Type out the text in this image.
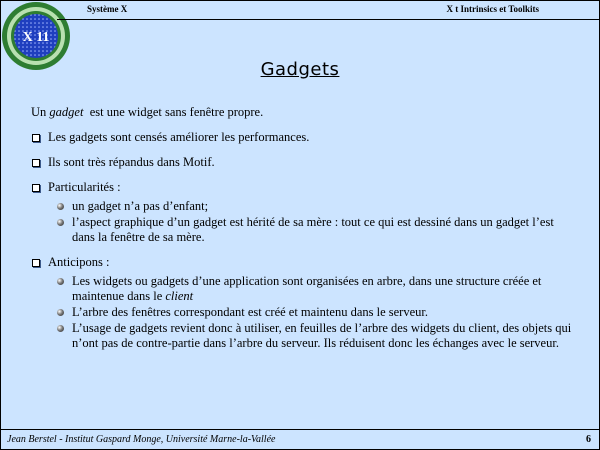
X 11
Système X	X t Intrinsics et Toolkits
Gadgets

Un gadget  est une widget sans fenêtre propre.

Les gadgets sont censés améliorer les performances.
Ils sont très répandus dans Motif.
Particularités :
un gadget n’a pas d’enfant;
l’aspect graphique d’un gadget est hérité de sa mère : tout ce qui est dessiné dans un gadget l’est dans la fenêtre de sa mère.
Anticipons :
Les widgets ou gadgets d’une application sont organisées en arbre, dans une structure créée et maintenue dans le client
L’arbre des fenêtres correspondant est créé et maintenu dans le serveur.
L’usage de gadgets revient donc à utiliser, en feuilles de l’arbre des widgets du client, des objets qui n’ont pas de contre-partie dans l’arbre du serveur. Ils réduisent donc les échanges avec le serveur.
Jean Berstel - Institut Gaspard Monge, Université Marne-la-Vallée	6
